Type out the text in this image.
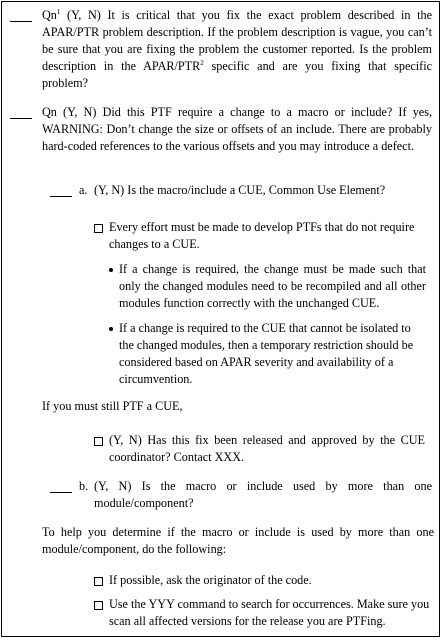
Qn$^1$ (Y, N) It is critical that you fix the exact problem described in the APAR/PTR problem description. If the problem description is vague, you can’t be sure that you are fixing the problem the customer reported. Is the problem description in the APAR/PTR$^2$ specific and are you fixing that specific problem?
Qn (Y, N) Did this PTF require a change to a macro or include? If yes, WARNING: Don’t change the size or offsets of an include. There are probably hard-coded references to the various offsets and you may introduce a defect.
a. (Y, N) Is the macro/include a CUE, Common Use Element?
Every effort must be made to develop PTFs that do not require changes to a CUE.
If a change is required, the change must be made such that only the changed modules need to be recompiled and all other modules function correctly with the unchanged CUE.
If a change is required to the CUE that cannot be isolated to the changed modules, then a temporary restriction should be considered based on APAR severity and availability of a circumvention.
If you must still PTF a CUE,
(Y, N) Has this fix been released and approved by the CUE coordinator? Contact XXX.
b. (Y, N) Is the macro or include used by more than one module/component?
To help you determine if the macro or include is used by more than one module/component, do the following:
If possible, ask the originator of the code.
Use the YYY command to search for occurrences. Make sure you scan all affected versions for the release you are PTFing.
